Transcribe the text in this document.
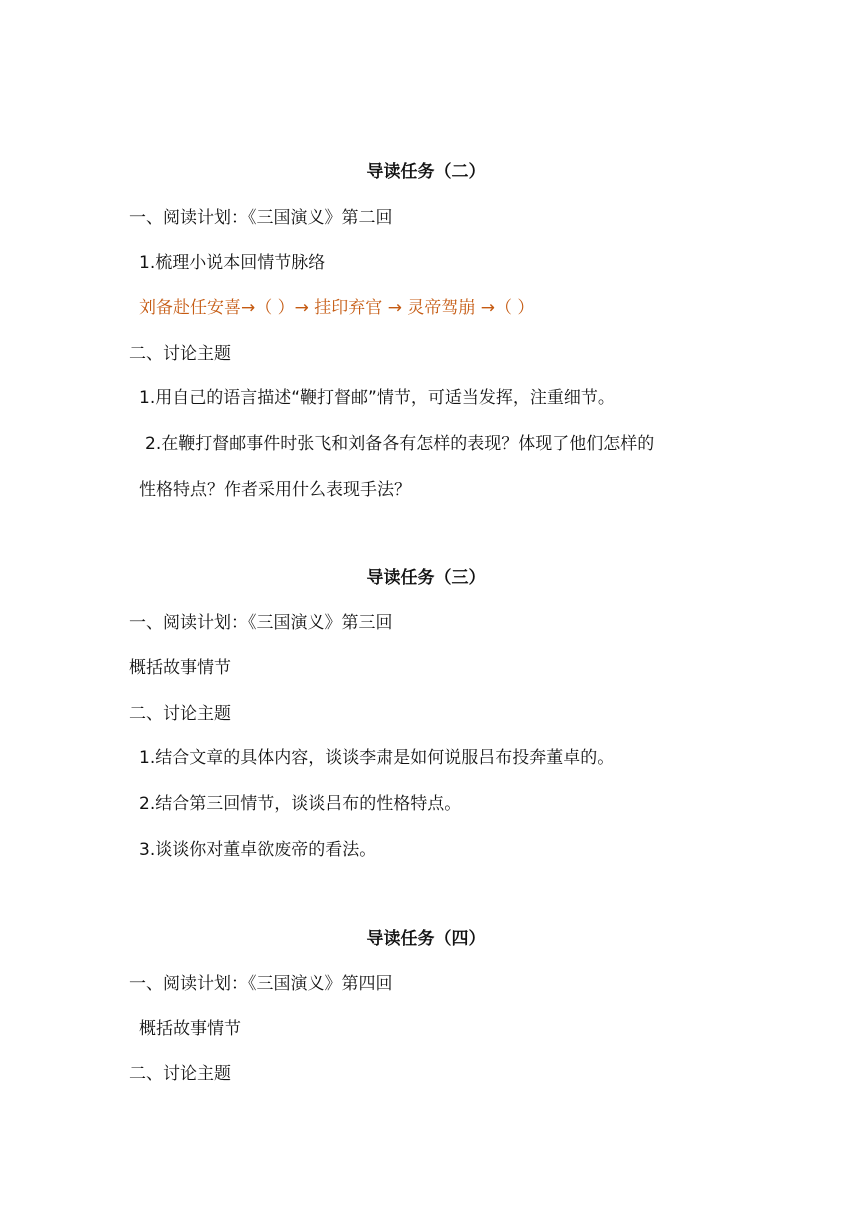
导读任务（二）
一、阅读计划：《三国演义》第二回
1.梳理小说本回情节脉络
刘备赴任安喜→（ ）→ 挂印弃官 → 灵帝驾崩 →（ ）
二、讨论主题
1.用自己的语言描述“鞭打督邮”情节，可适当发挥，注重细节。
2.在鞭打督邮事件时张飞和刘备各有怎样的表现？体现了他们怎样的
性格特点？作者采用什么表现手法？
导读任务（三）
一、阅读计划：《三国演义》第三回
概括故事情节
二、讨论主题
1.结合文章的具体内容，谈谈李肃是如何说服吕布投奔董卓的。
2.结合第三回情节，谈谈吕布的性格特点。
3.谈谈你对董卓欲废帝的看法。
导读任务（四）
一、阅读计划：《三国演义》第四回
概括故事情节
二、讨论主题
